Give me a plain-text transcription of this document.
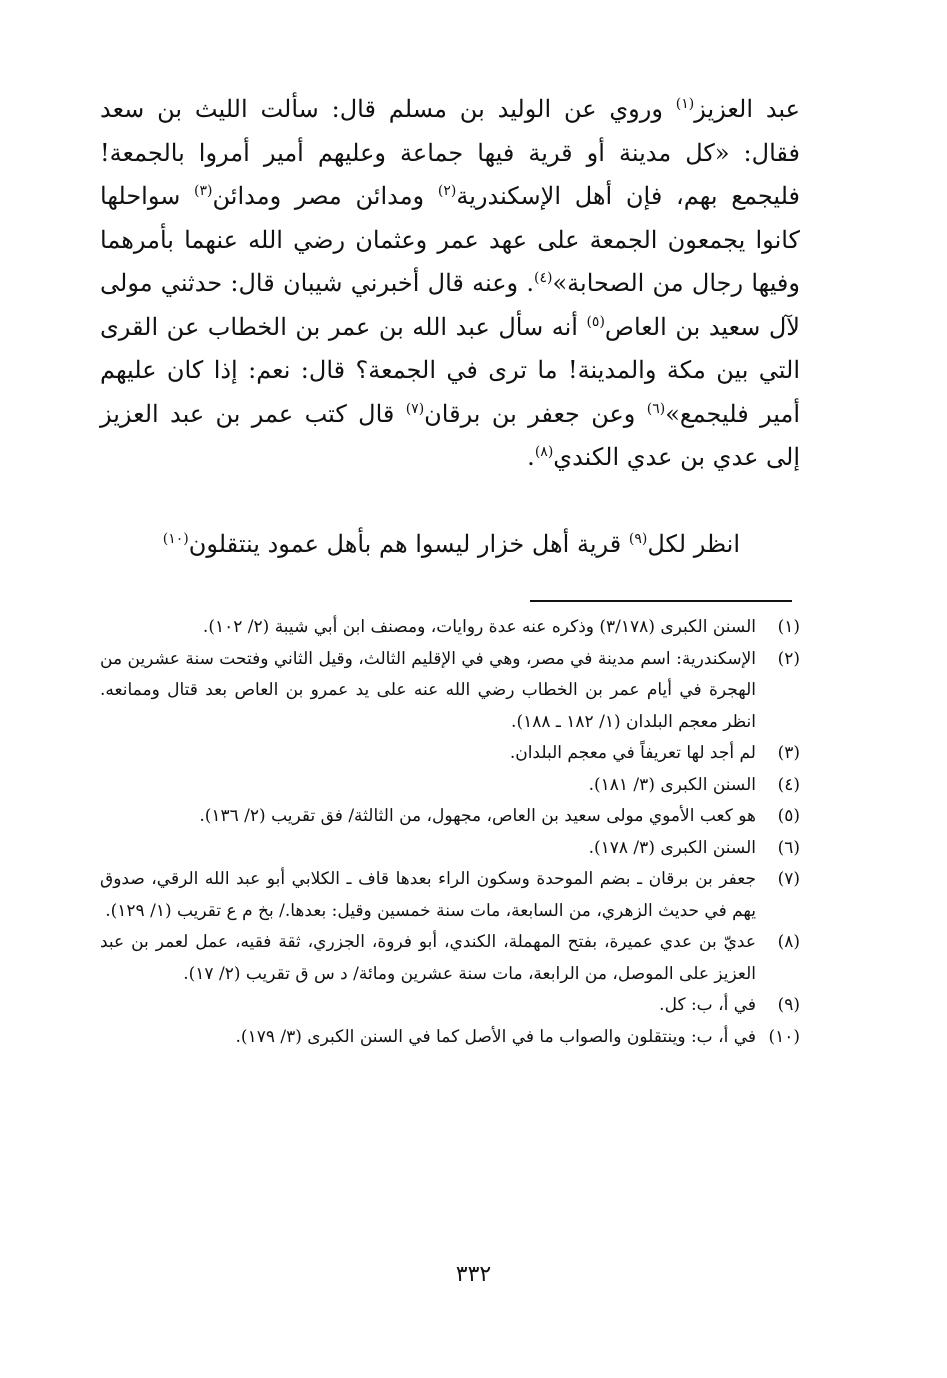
عبد العزيز$^{(١)}$ وروي عن الوليد بن مسلم قال: سألت الليث بن سعد فقال: «كل مدينة أو قرية فيها جماعة وعليهم أمير أمروا بالجمعة! فليجمع بهم، فإن أهل الإسكندرية$^{(٢)}$ ومدائن مصر ومدائن$^{(٣)}$ سواحلها كانوا يجمعون الجمعة على عهد عمر وعثمان رضي الله عنهما بأمرهما وفيها رجال من الصحابة»$^{(٤)}$. وعنه قال أخبرني شيبان قال: حدثني مولى لآل سعيد بن العاص$^{(٥)}$ أنه سأل عبد الله بن عمر بن الخطاب عن القرى التي بين مكة والمدينة! ما ترى في الجمعة؟ قال: نعم: إذا كان عليهم أمير فليجمع»$^{(٦)}$ وعن جعفر بن برقان$^{(٧)}$ قال كتب عمر بن عبد العزيز إلى عدي بن عدي الكندي$^{(٨)}$.

انظر لكل$^{(٩)}$ قرية أهل خزار ليسوا هم بأهل عمود ينتقلون$^{(١٠)}$
(١)
السنن الكبرى (٣/١٧٨) وذكره عنه عدة روايات، ومصنف ابن أبي شيبة (٢/ ١٠٢).
(٢)
الإسكندرية: اسم مدينة في مصر، وهي في الإقليم الثالث، وقيل الثاني وفتحت سنة عشرين من الهجرة في أيام عمر بن الخطاب رضي الله عنه على يد عمرو بن العاص بعد قتال وممانعه. انظر معجم البلدان (١/ ١٨٢ ـ ١٨٨).
(٣)
لم أجد لها تعريفاً في معجم البلدان.
(٤)
السنن الكبرى (٣/ ١٨١).
(٥)
هو كعب الأموي مولى سعيد بن العاص، مجهول، من الثالثة/ فق تقريب (٢/ ١٣٦).
(٦)
السنن الكبرى (٣/ ١٧٨).
(٧)
جعفر بن برقان ـ بضم الموحدة وسكون الراء بعدها قاف ـ الكلابي أبو عبد الله الرقي، صدوق يهم في حديث الزهري، من السابعة، مات سنة خمسين وقيل: بعدها./ بخ م ع تقريب (١/ ١٢٩).
(٨)
عديّ بن عدي عميرة، بفتح المهملة، الكندي، أبو فروة، الجزري، ثقة فقيه، عمل لعمر بن عبد العزيز على الموصل، من الرابعة، مات سنة عشرين ومائة/ د س ق تقريب (٢/ ١٧).
(٩)
في أ، ب: كل.
(١٠)
في أ، ب: وينتقلون والصواب ما في الأصل كما في السنن الكبرى (٣/ ١٧٩).
٣٣٢
